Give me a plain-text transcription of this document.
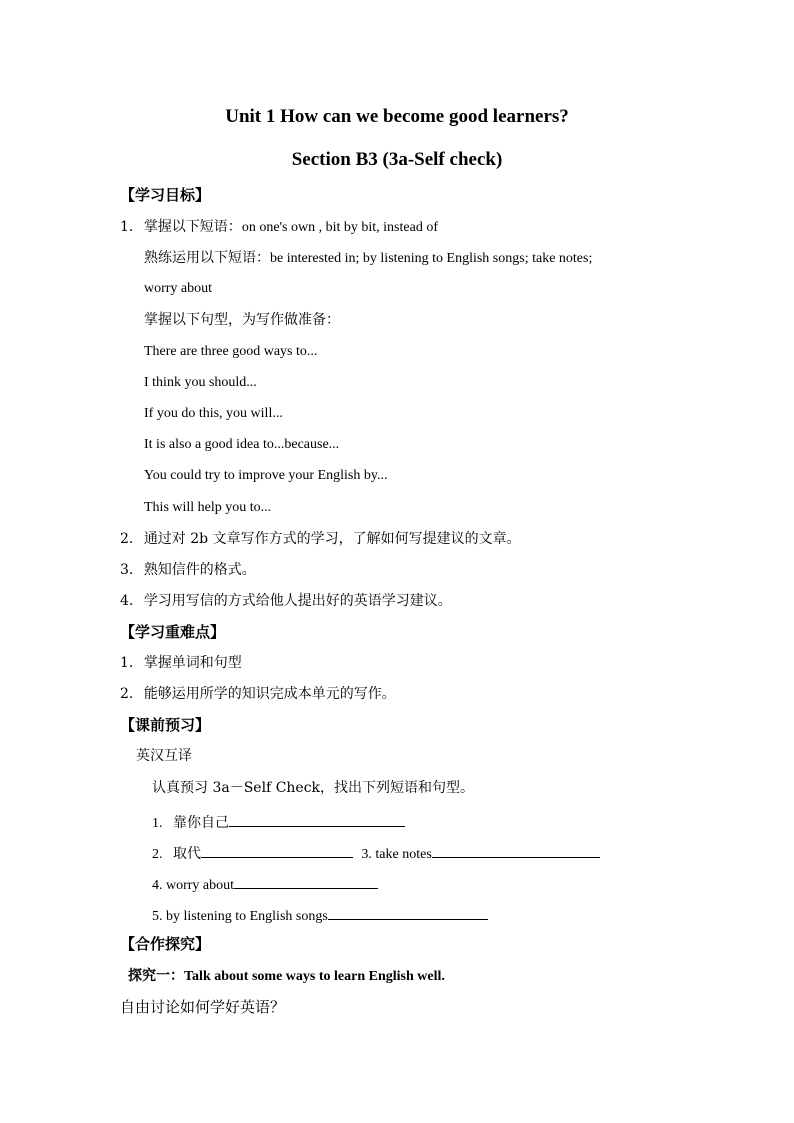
Unit 1 How can we become good learners?
Section B3 (3a-Self check)
【学习目标】
1. 掌握以下短语：on one's own , bit by bit, instead of
熟练运用以下短语：be interested in; by listening to English songs; take notes;
worry about
掌握以下句型，为写作做准备：
There are three good ways to...
I think you should...
If you do this, you will...
It is also a good idea to...because...
You could try to improve your English by...
This will help you to...
2. 通过对 2b 文章写作方式的学习，了解如何写提建议的文章。
3. 熟知信件的格式。
4. 学习用写信的方式给他人提出好的英语学习建议。
【学习重难点】
1. 掌握单词和句型
2. 能够运用所学的知识完成本单元的写作。
【课前预习】
英汉互译
认真预习 3a－Self Check，找出下列短语和句型。
1. 靠你自己
2. 取代	3. take notes
4. worry about
5. by listening to English songs
【合作探究】
探究一：Talk about some ways to learn English well.
自由讨论如何学好英语？
